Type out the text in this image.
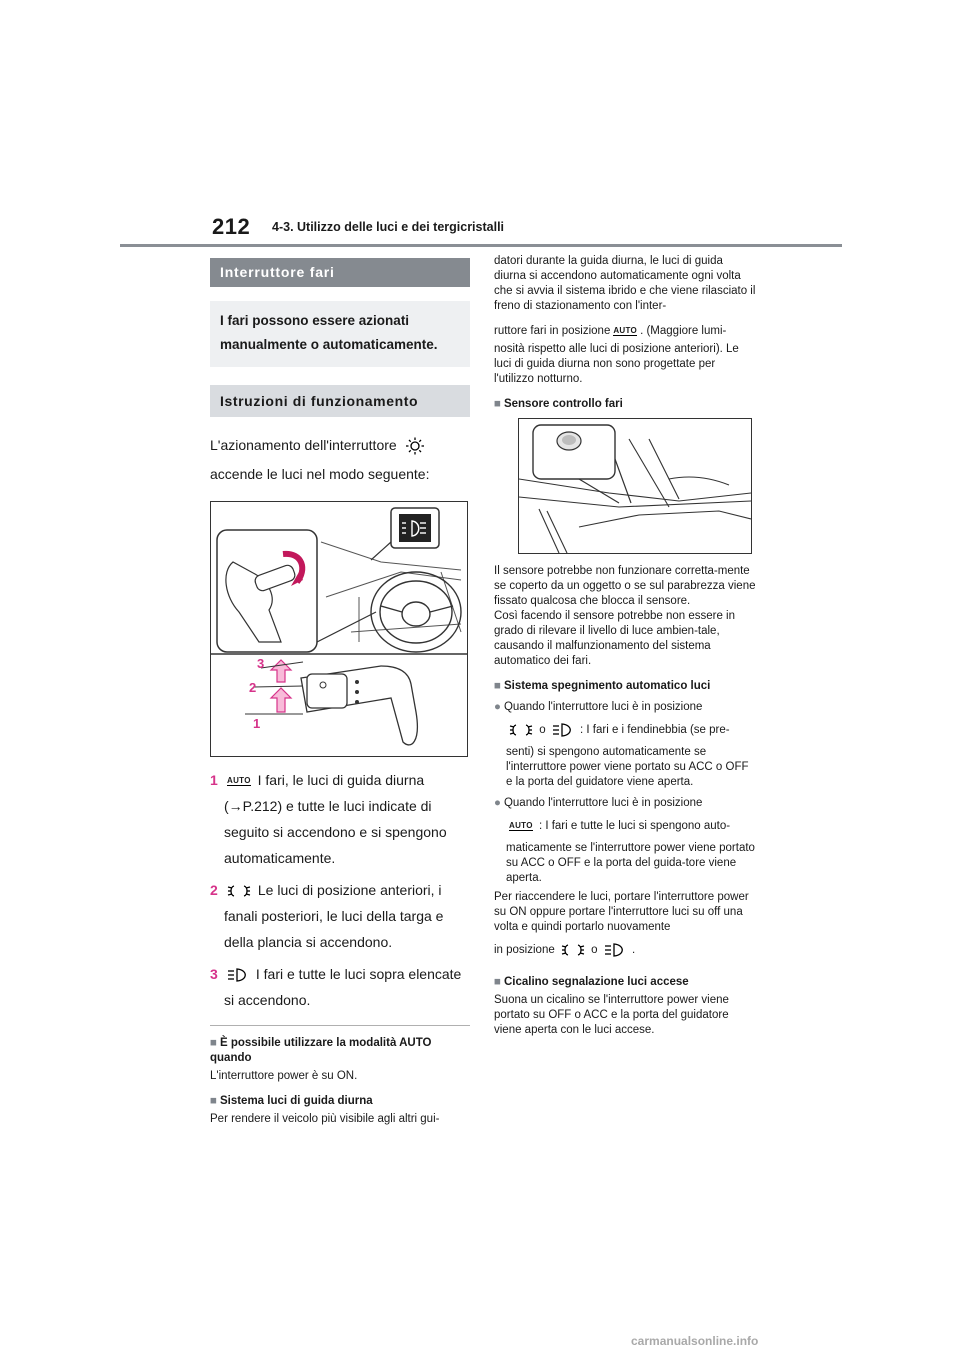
212 4-3. Utilizzo delle luci e dei tergicristalli
Interruttore fari
I fari possono essere azionati manualmente o automaticamente.
Istruzioni di funzionamento
L'azionamento dell'interruttore
accende le luci nel modo seguente:
1
2
3
1	AUTO I fari, le luci di guida diurna (→P.212) e tutte le luci indicate di seguito si accendono e si spengono automaticamente.
2	Le luci di posizione anteriori, i fanali posteriori, le luci della targa e della plancia si accendono.
3	I fari e tutte le luci sopra elencate si accendono.
■ È possibile utilizzare la modalità AUTO quando
L'interruttore power è su ON.
■ Sistema luci di guida diurna
Per rendere il veicolo più visibile agli altri gui-

datori durante la guida diurna, le luci di guida diurna si accendono automaticamente ogni volta che si avvia il sistema ibrido e che viene rilasciato il freno di stazionamento con l'inter-

ruttore fari in posizione AUTO . (Maggiore lumi-

nosità rispetto alle luci di posizione anteriori). Le luci di guida diurna non sono progettate per l'utilizzo notturno.

■ Sensore controllo fari

Il sensore potrebbe non funzionare corretta-mente se coperto da un oggetto o se sul parabrezza viene fissato qualcosa che blocca il sensore.

Così facendo il sensore potrebbe non essere in grado di rilevare il livello di luce ambien-tale, causando il malfunzionamento del sistema automatico dei fari.

■ Sistema spegnimento automatico luci
● Quando l'interruttore luci è in posizione
o	: I fari e i fendinebbia (se pre-
senti) si spengono automaticamente se l'interruttore power viene portato su ACC o OFF e la porta del guidatore viene aperta.
● Quando l'interruttore luci è in posizione
AUTO : I fari e tutte le luci si spengono auto-
maticamente se l'interruttore power viene portato su ACC o OFF e la porta del guida-tore viene aperta.
Per riaccendere le luci, portare l'interruttore power su ON oppure portare l'interruttore luci su off una volta e quindi portarlo nuovamente
in posizione	o	.
■ Cicalino segnalazione luci accese
Suona un cicalino se l'interruttore power viene portato su OFF o ACC e la porta del guidatore viene aperta con le luci accese.
carmanualsonline.info
